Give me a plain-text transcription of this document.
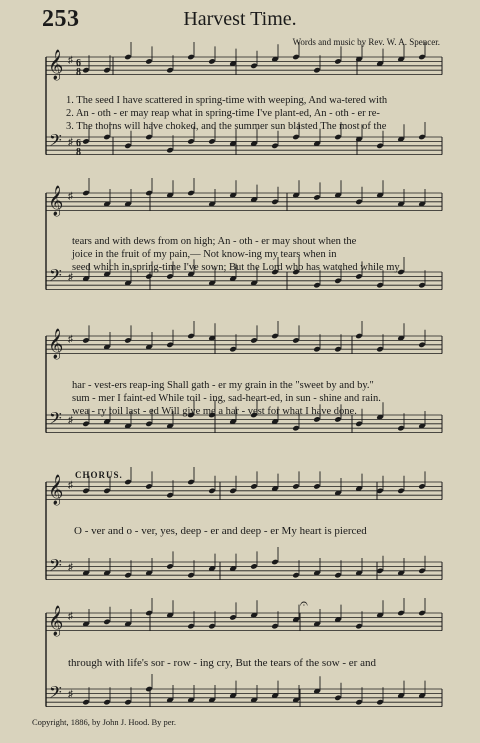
253	Harvest Time.
Words and music by Rev. W. A. Spencer.
𝄞
𝄢
♯
♯
6
8
6
8
𝄞
𝄢
♯
♯
𝄞
𝄢
♯
♯
𝄞
𝄢
♯
♯
𝄞
𝄢
♯
♯
𝄐
1. The seed I have scattered in spring-time with weeping, And wa-tered with
2. An - oth - er may reap what in spring-time I've plant-ed, An - oth - er re-
3. The thorns will have choked, and the summer sun blasted The most of the
tears and with dews from on high; An - oth - er may shout when the
joice in the fruit of my pain,— Not know-ing my tears when in
seed which in spring-time I've sown; But the Lord who has watched while my
har - vest-ers reap-ing Shall gath - er my grain in the "sweet by and by."
sum - mer I faint-ed While toil - ing, sad-heart-ed, in sun - shine and rain.
wea - ry toil last - ed Will give me a har - vest for what I have done.
CHORUS.
O - ver and o - ver, yes, deep - er and deep - er My heart is pierced
through with life's sor - row - ing cry, But the tears of the sow - er and
Copyright, 1886, by John J. Hood. By per.
